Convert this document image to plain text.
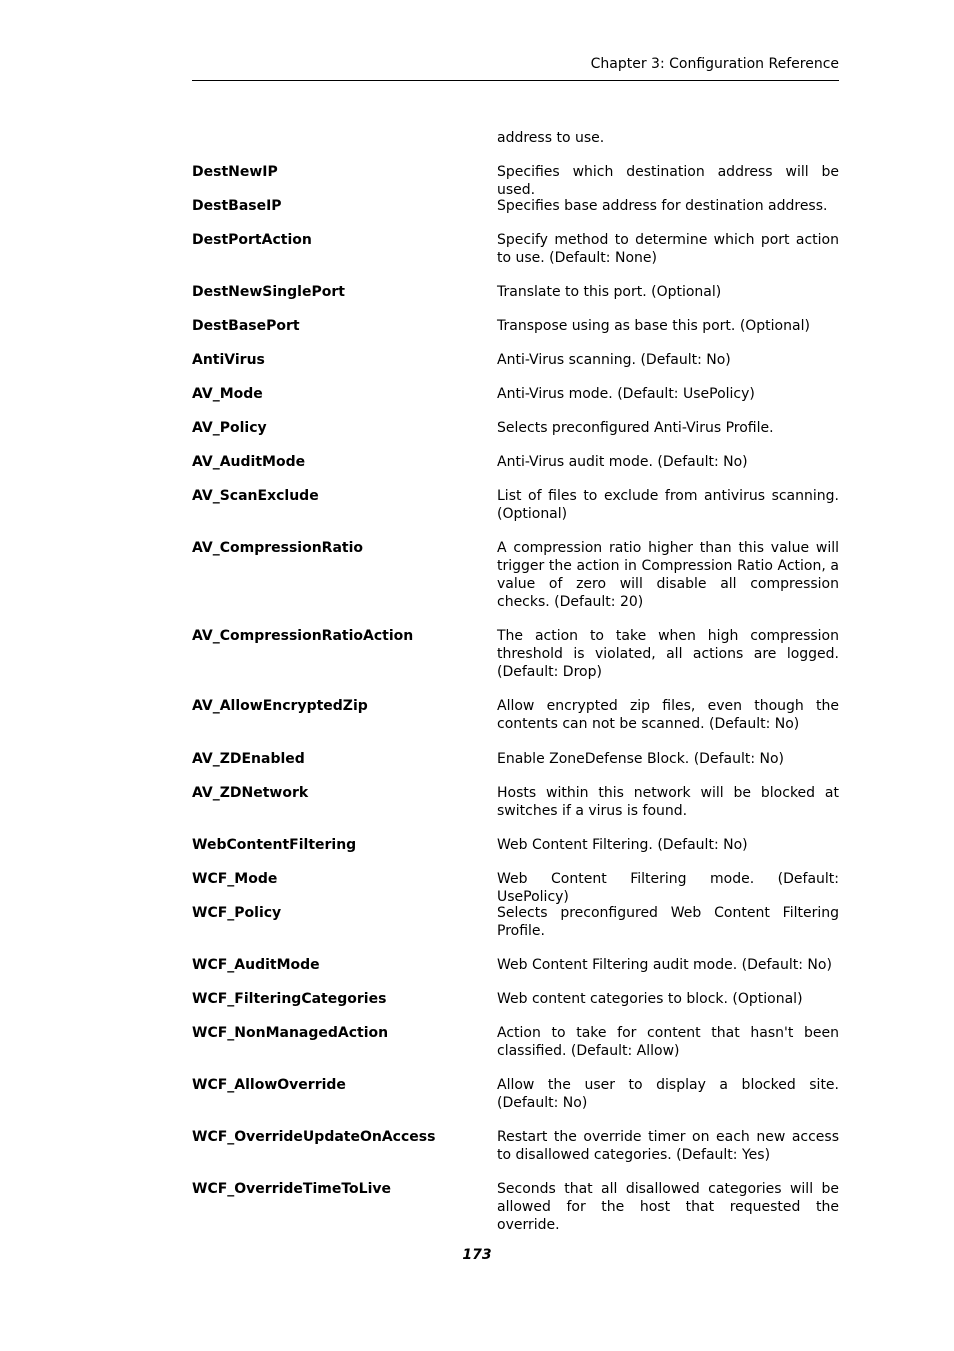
Chapter 3: Configuration Reference
address to use.
DestNewIP	Specifies which destination address will be used.
DestBaseIP	Specifies base address for destination address.
DestPortAction	Specify method to determine which port action to use. (Default: None)
DestNewSinglePort	Translate to this port. (Optional)
DestBasePort	Transpose using as base this port. (Optional)
AntiVirus	Anti-Virus scanning. (Default: No)
AV_Mode	Anti-Virus mode. (Default: UsePolicy)
AV_Policy	Selects preconfigured Anti-Virus Profile.
AV_AuditMode	Anti-Virus audit mode. (Default: No)
AV_ScanExclude	List of files to exclude from antivirus scanning. (Optional)
AV_CompressionRatio	A compression ratio higher than this value will trigger the action in Compression Ratio Action, a value of zero will disable all compression checks. (Default: 20)
AV_CompressionRatioAction	The action to take when high compression threshold is violated, all actions are logged. (Default: Drop)
AV_AllowEncryptedZip	Allow encrypted zip files, even though the contents can not be scanned. (Default: No)
AV_ZDEnabled	Enable ZoneDefense Block. (Default: No)
AV_ZDNetwork	Hosts within this network will be blocked at switches if a virus is found.
WebContentFiltering	Web Content Filtering. (Default: No)
WCF_Mode	Web Content Filtering mode. (Default: UsePolicy)
WCF_Policy	Selects preconfigured Web Content Filtering Profile.
WCF_AuditMode	Web Content Filtering audit mode. (Default: No)
WCF_FilteringCategories	Web content categories to block. (Optional)
WCF_NonManagedAction	Action to take for content that hasn't been classified. (Default: Allow)
WCF_AllowOverride	Allow the user to display a blocked site. (Default: No)
WCF_OverrideUpdateOnAccess	Restart the override timer on each new access to disallowed categories. (Default: Yes)
WCF_OverrideTimeToLive	Seconds that all disallowed categories will be allowed for the host that requested the override.
173
